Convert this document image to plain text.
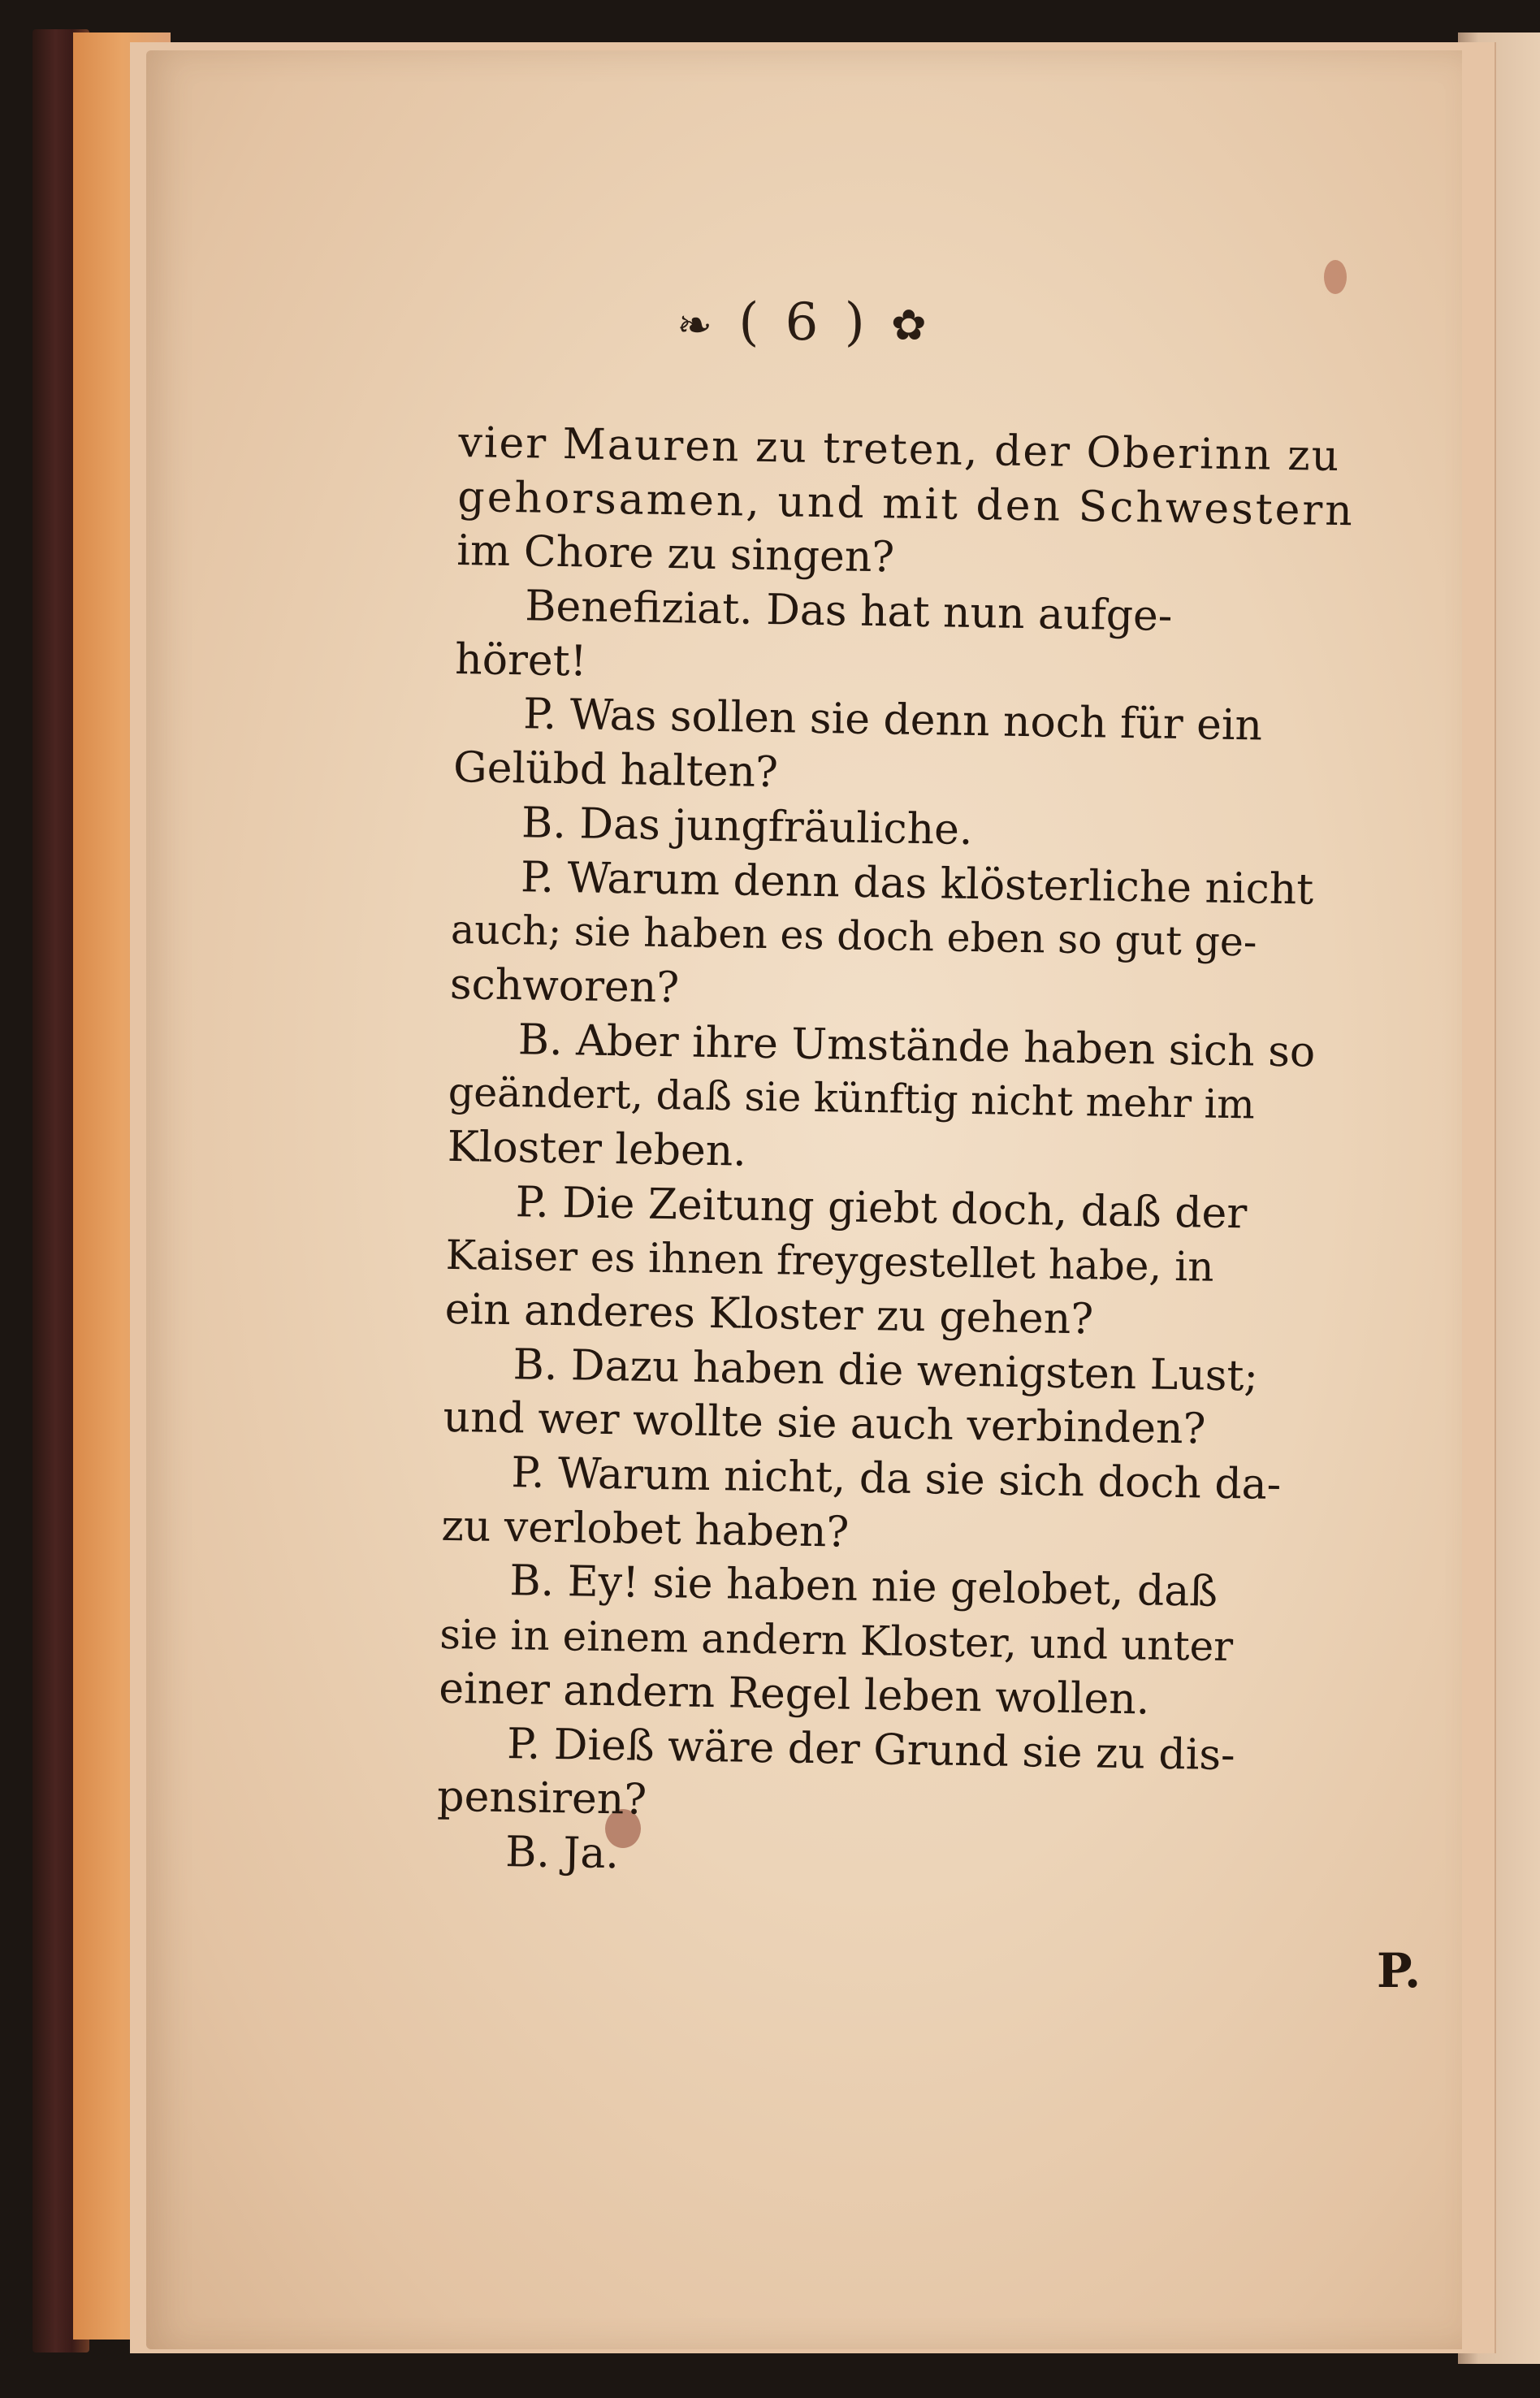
❧ ( 6 ) ✿
vier Mauren zu treten, der Oberinn zu
gehorsamen, und mit den Schwestern
im Chore zu singen?
Benefiziat. Das hat nun aufge-
höret!
P. Was sollen sie denn noch für ein
Gelübd halten?
B. Das jungfräuliche.
P. Warum denn das klösterliche nicht
auch; sie haben es doch eben so gut ge-
schworen?
B. Aber ihre Umstände haben sich so
geändert, daß sie künftig nicht mehr im
Kloster leben.
P. Die Zeitung giebt doch, daß der
Kaiser es ihnen freygestellet habe, in
ein anderes Kloster zu gehen?
B. Dazu haben die wenigsten Lust;
und wer wollte sie auch verbinden?
P. Warum nicht, da sie sich doch da-
zu verlobet haben?
B. Ey! sie haben nie gelobet, daß
sie in einem andern Kloster, und unter
einer andern Regel leben wollen.
P. Dieß wäre der Grund sie zu dis-
pensiren?
B. Ja.
P.
